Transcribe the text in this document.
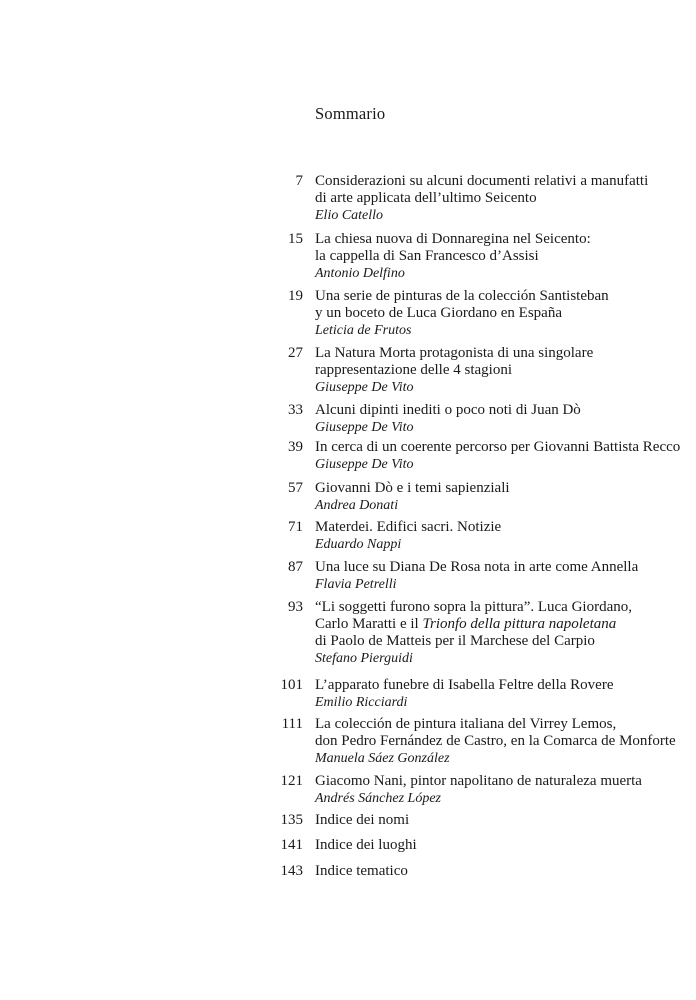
Sommario
7 Considerazioni su alcuni documenti relativi a manufatti
di arte applicata dell’ultimo Seicento
Elio Catello
15 La chiesa nuova di Donnaregina nel Seicento:
la cappella di San Francesco d’Assisi
Antonio Delfino
19 Una serie de pinturas de la colección Santisteban
y un boceto de Luca Giordano en España
Leticia de Frutos
27 La Natura Morta protagonista di una singolare
rappresentazione delle 4 stagioni
Giuseppe De Vito
33 Alcuni dipinti inediti o poco noti di Juan Dò
Giuseppe De Vito
39 In cerca di un coerente percorso per Giovanni Battista Recco
Giuseppe De Vito
57 Giovanni Dò e i temi sapienziali
Andrea Donati
71 Materdei. Edifici sacri. Notizie
Eduardo Nappi
87 Una luce su Diana De Rosa nota in arte come Annella
Flavia Petrelli
93 “Li soggetti furono sopra la pittura”. Luca Giordano,
Carlo Maratti e il Trionfo della pittura napoletana
di Paolo de Matteis per il Marchese del Carpio
Stefano Pierguidi
101 L’apparato funebre di Isabella Feltre della Rovere
Emilio Ricciardi
111 La colección de pintura italiana del Virrey Lemos,
don Pedro Fernández de Castro, en la Comarca de Monforte
Manuela Sáez González
121 Giacomo Nani, pintor napolitano de naturaleza muerta
Andrés Sánchez López
135 Indice dei nomi
141 Indice dei luoghi
143 Indice tematico
